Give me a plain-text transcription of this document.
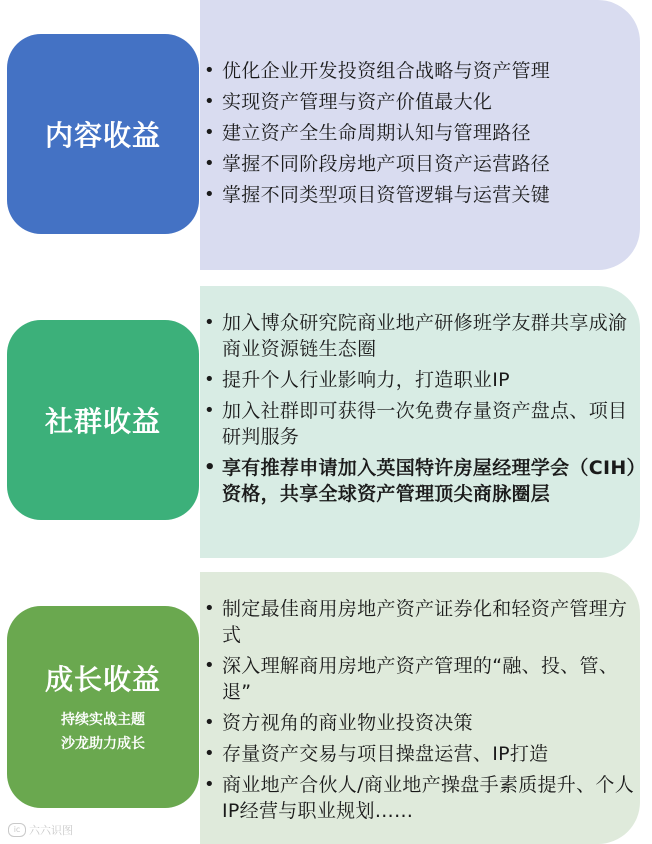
• 优化企业开发投资组合战略与资产管理
• 实现资产管理与资产价值最大化
• 建立资产全生命周期认知与管理路径
• 掌握不同阶段房地产项目资产运营路径
• 掌握不同类型项目资管逻辑与运营关键
内容收益
• 加入博众研究院商业地产研修班学友群共享成渝商业资源链生态圈
• 提升个人行业影响力，打造职业IP
• 加入社群即可获得一次免费存量资产盘点、项目研判服务
• 享有推荐申请加入英国特许房屋经理学会（CIH）资格，共享全球资产管理顶尖商脉圈层
社群收益
• 制定最佳商用房地产资产证券化和轻资产管理方式
• 深入理解商用房地产资产管理的“融、投、管、退”
• 资方视角的商业物业投资决策
• 存量资产交易与项目操盘运营、IP打造
• 商业地产合伙人/商业地产操盘手素质提升、个人IP经营与职业规划……
成长收益
持续实战主题
沙龙助力成长
ic 六六识图
